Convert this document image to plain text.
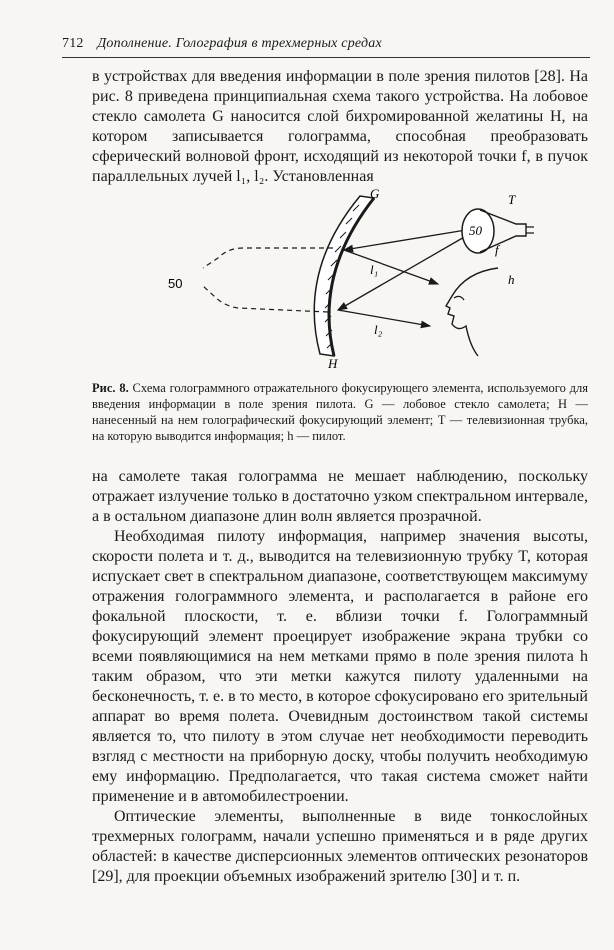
712 Дополнение. Голография в трехмерных средах

в устройствах для введения информации в поле зрения пилотов [28]. На рис. 8 приведена принципиальная схема такого устройства. На лобовое стекло самолета G наносится слой бихромированной желатины H, на котором записывается голограмма, способная преобразовать сферический волновой фронт, исходящий из некоторой точки f, в пучок параллельных лучей l₁, l₂. Установленная

50
G
H
T
50
f
h
l₁
l₂
Рис. 8. Схема голограммного отражательного фокусирующего элемента, используемого для введения информации в поле зрения пилота. G — лобовое стекло самолета; H — нанесенный на нем голографический фокусирующий элемент; T — телевизионная трубка, на которую выводится информация; h — пилот.

на самолете такая голограмма не мешает наблюдению, поскольку отражает излучение только в достаточно узком спектральном интервале, а в остальном диапазоне длин волн является прозрачной.

Необходимая пилоту информация, например значения высоты, скорости полета и т. д., выводится на телевизионную трубку T, которая испускает свет в спектральном диапазоне, соответствующем максимуму отражения голограммного элемента, и располагается в районе его фокальной плоскости, т. е. вблизи точки f. Голограммный фокусирующий элемент проецирует изображение экрана трубки со всеми появляющимися на нем метками прямо в поле зрения пилота h таким образом, что эти метки кажутся пилоту удаленными на бесконечность, т. е. в то место, в которое сфокусировано его зрительный аппарат во время полета. Очевидным достоинством такой системы является то, что пилоту в этом случае нет необходимости переводить взгляд с местности на приборную доску, чтобы получить необходимую ему информацию. Предполагается, что такая система сможет найти применение и в автомобилестроении.

Оптические элементы, выполненные в виде тонкослойных трехмерных голограмм, начали успешно применяться и в ряде других областей: в качестве дисперсионных элементов оптических резонаторов [29], для проекции объемных изображений зрителю [30] и т. п.
